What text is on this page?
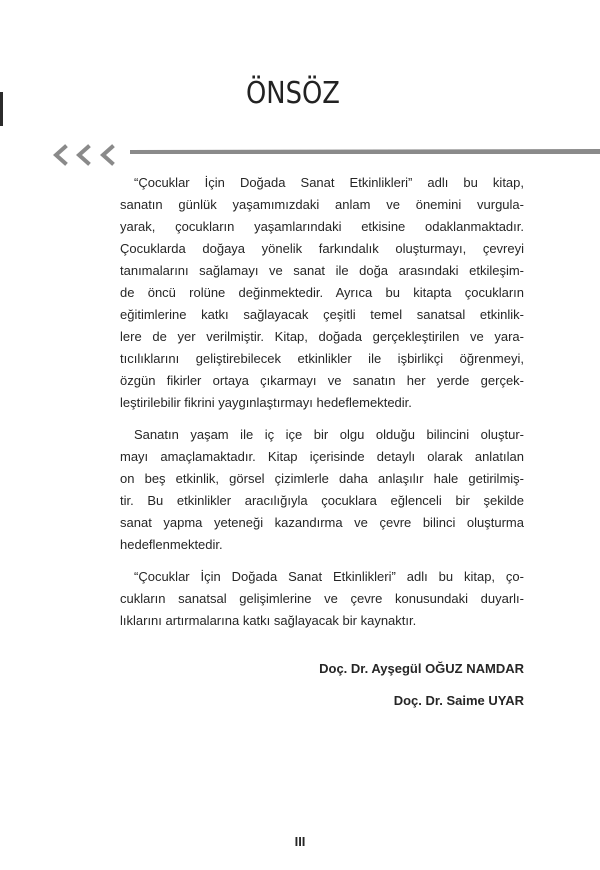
ÖNSÖZ

“Çocuklar İçin Doğada Sanat Etkinlikleri” adlı bu kitap,
sanatın günlük yaşamımızdaki anlam ve önemini vurgula-
yarak, çocukların yaşamlarındaki etkisine odaklanmaktadır.
Çocuklarda doğaya yönelik farkındalık oluşturmayı, çevreyi
tanımalarını sağlamayı ve sanat ile doğa arasındaki etkileşim-
de öncü rolüne değinmektedir. Ayrıca bu kitapta çocukların
eğitimlerine katkı sağlayacak çeşitli temel sanatsal etkinlik-
lere de yer verilmiştir. Kitap, doğada gerçekleştirilen ve yara-
tıcılıklarını geliştirebilecek etkinlikler ile işbirlikçi öğrenmeyi,
özgün fikirler ortaya çıkarmayı ve sanatın her yerde gerçek-
leştirilebilir fikrini yaygınlaştırmayı hedeflemektedir.

Sanatın yaşam ile iç içe bir olgu olduğu bilincini oluştur-
mayı amaçlamaktadır. Kitap içerisinde detaylı olarak anlatılan
on beş etkinlik, görsel çizimlerle daha anlaşılır hale getirilmiş-
tir. Bu etkinlikler aracılığıyla çocuklara eğlenceli bir şekilde
sanat yapma yeteneği kazandırma ve çevre bilinci oluşturma
hedeflenmektedir.

“Çocuklar İçin Doğada Sanat Etkinlikleri” adlı bu kitap, ço-
cukların sanatsal gelişimlerine ve çevre konusundaki duyarlı-
lıklarını artırmalarına katkı sağlayacak bir kaynaktır.

Doç. Dr. Ayşegül OĞUZ NAMDAR
Doç. Dr. Saime UYAR
III
